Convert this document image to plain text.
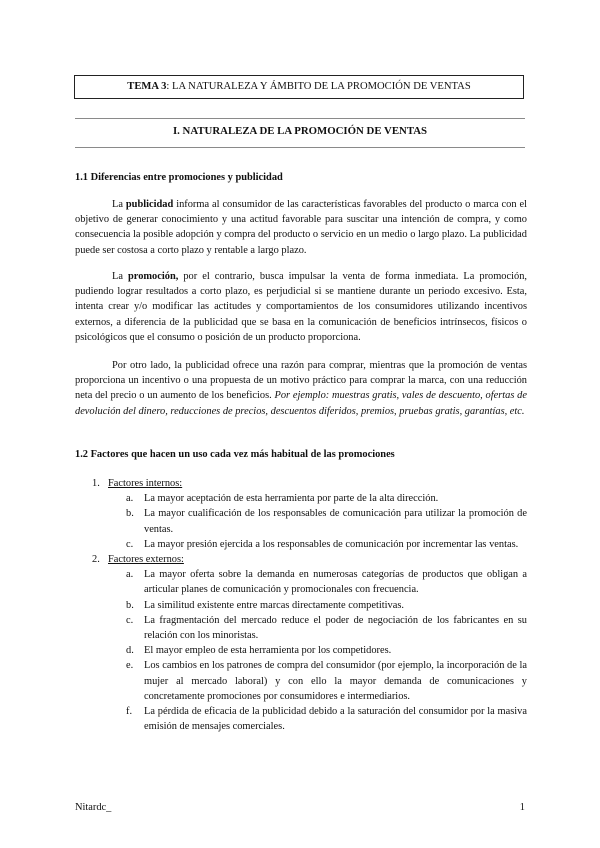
TEMA 3: LA NATURALEZA Y ÁMBITO DE LA PROMOCIÓN DE VENTAS
I. NATURALEZA DE LA PROMOCIÓN DE VENTAS
1.1 Diferencias entre promociones y publicidad

La publicidad informa al consumidor de las características favorables del producto o marca con el objetivo de generar conocimiento y una actitud favorable para suscitar una intención de compra, y como consecuencia la posible adopción y compra del producto o servicio en un medio o largo plazo. La publicidad puede ser costosa a corto plazo y rentable a largo plazo.

La promoción, por el contrario, busca impulsar la venta de forma inmediata. La promoción, pudiendo lograr resultados a corto plazo, es perjudicial si se mantiene durante un periodo excesivo. Esta, intenta crear y/o modificar las actitudes y comportamientos de los consumidores utilizando incentivos externos, a diferencia de la publicidad que se basa en la comunicación de beneficios intrínsecos, físicos o psicológicos que el consumo o posición de un producto proporciona.

Por otro lado, la publicidad ofrece una razón para comprar, mientras que la promoción de ventas proporciona un incentivo o una propuesta de un motivo práctico para comprar la marca, con una reducción neta del precio o un aumento de los beneficios. Por ejemplo: muestras gratis, vales de descuento, ofertas de devolución del dinero, reducciones de precios, descuentos diferidos, premios, pruebas gratis, garantías, etc.

1.2 Factores que hacen un uso cada vez más habitual de las promociones
1. Factores internos:
a. La mayor aceptación de esta herramienta por parte de la alta dirección.
b. La mayor cualificación de los responsables de comunicación para utilizar la promoción de ventas.
c. La mayor presión ejercida a los responsables de comunicación por incrementar las ventas.
2. Factores externos:
a. La mayor oferta sobre la demanda en numerosas categorías de productos que obligan a articular planes de comunicación y promocionales con frecuencia.
b. La similitud existente entre marcas directamente competitivas.
c. La fragmentación del mercado reduce el poder de negociación de los fabricantes en su relación con los minoristas.
d. El mayor empleo de esta herramienta por los competidores.
e. Los cambios en los patrones de compra del consumidor (por ejemplo, la incorporación de la mujer al mercado laboral) y con ello la mayor demanda de comunicaciones y concretamente promociones por consumidores e intermediarios.
f. La pérdida de eficacia de la publicidad debido a la saturación del consumidor por la masiva emisión de mensajes comerciales.
Nitardc_	1
